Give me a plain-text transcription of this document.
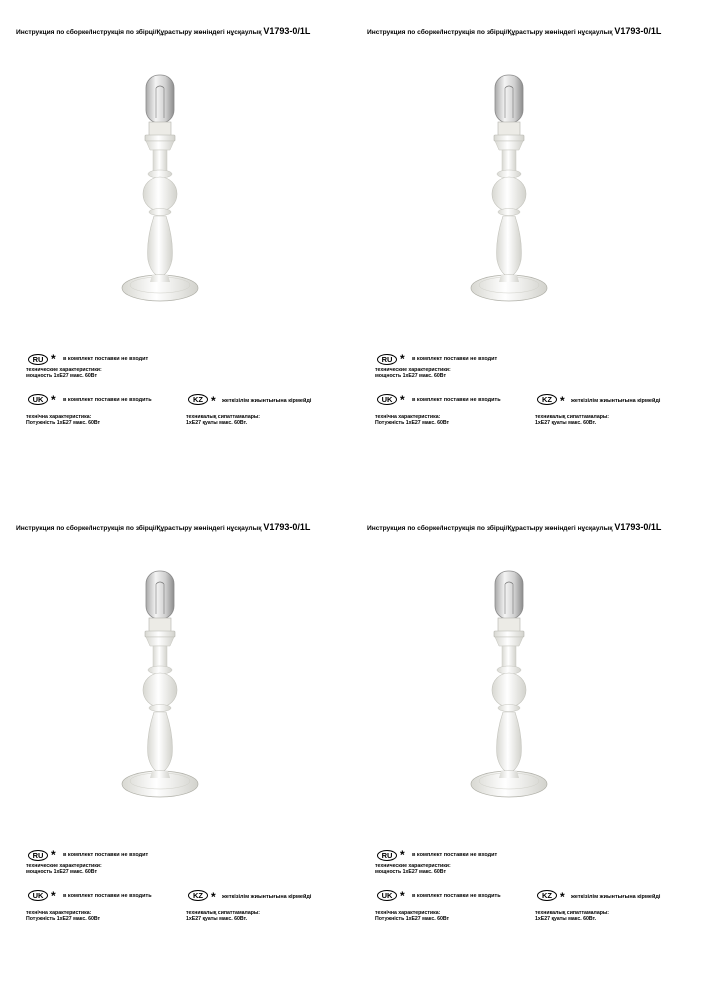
Инструкция по сборке/Інструкція по збірці/Құрастыру жөніндегі нұсқаулық V1793-0/1L
RU * в комплект поставки не входит
технические характеристики:
мощность 1хE27 макс. 60Вт
UK * в комплект поставки не входить
технічна характеристика:
Потужність 1хE27 макс. 60Вт
KZ * жеткізілім жиынтығына кірмейді
техникалық сипаттамалары:
1хE27 қуаты макс. 60Вт.
Инструкция по сборке/Інструкція по збірці/Құрастыру жөніндегі нұсқаулық V1793-0/1L
RU * в комплект поставки не входит
технические характеристики:
мощность 1хE27 макс. 60Вт
UK * в комплект поставки не входить
технічна характеристика:
Потужність 1хE27 макс. 60Вт
KZ * жеткізілім жиынтығына кірмейді
техникалық сипаттамалары:
1хE27 қуаты макс. 60Вт.
Инструкция по сборке/Інструкція по збірці/Құрастыру жөніндегі нұсқаулық V1793-0/1L
RU * в комплект поставки не входит
технические характеристики:
мощность 1хE27 макс. 60Вт
UK * в комплект поставки не входить
технічна характеристика:
Потужність 1хE27 макс. 60Вт
KZ * жеткізілім жиынтығына кірмейді
техникалық сипаттамалары:
1хE27 қуаты макс. 60Вт.
Инструкция по сборке/Інструкція по збірці/Құрастыру жөніндегі нұсқаулық V1793-0/1L
RU * в комплект поставки не входит
технические характеристики:
мощность 1хE27 макс. 60Вт
UK * в комплект поставки не входить
технічна характеристика:
Потужність 1хE27 макс. 60Вт
KZ * жеткізілім жиынтығына кірмейді
техникалық сипаттамалары:
1хE27 қуаты макс. 60Вт.
